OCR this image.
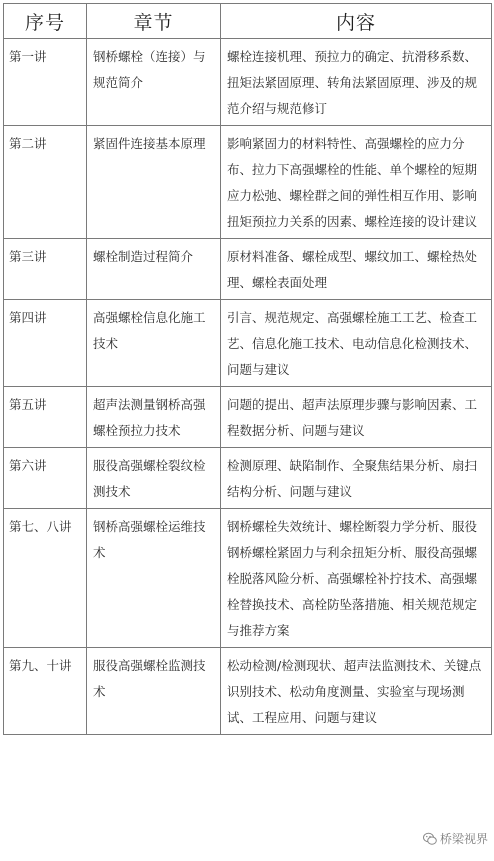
序号	章节	内容
第一讲	钢桥螺栓（连接）与规范简介	螺栓连接机理、预拉力的确定、抗滑移系数、扭矩法紧固原理、转角法紧固原理、涉及的规范介绍与规范修订
第二讲	紧固件连接基本原理	影响紧固力的材料特性、高强螺栓的应力分布、拉力下高强螺栓的性能、单个螺栓的短期应力松弛、螺栓群之间的弹性相互作用、影响扭矩预拉力关系的因素、螺栓连接的设计建议
第三讲	螺栓制造过程简介	原材料准备、螺栓成型、螺纹加工、螺栓热处理、螺栓表面处理
第四讲	高强螺栓信息化施工技术	引言、规范规定、高强螺栓施工工艺、检查工艺、信息化施工技术、电动信息化检测技术、问题与建议
第五讲	超声法测量钢桥高强螺栓预拉力技术	问题的提出、超声法原理步骤与影响因素、工程数据分析、问题与建议
第六讲	服役高强螺栓裂纹检测技术	检测原理、缺陷制作、全聚焦结果分析、扇扫结构分析、问题与建议
第七、八讲	钢桥高强螺栓运维技术	钢桥螺栓失效统计、螺栓断裂力学分析、服役钢桥螺栓紧固力与利余扭矩分析、服役高强螺栓脱落风险分析、高强螺栓补拧技术、高强螺栓替换技术、高栓防坠落措施、相关规范规定与推荐方案
第九、十讲	服役高强螺栓监测技术	松动检测/检测现状、超声法监测技术、关键点识别技术、松动角度测量、实验室与现场测试、工程应用、问题与建议
桥梁视界
